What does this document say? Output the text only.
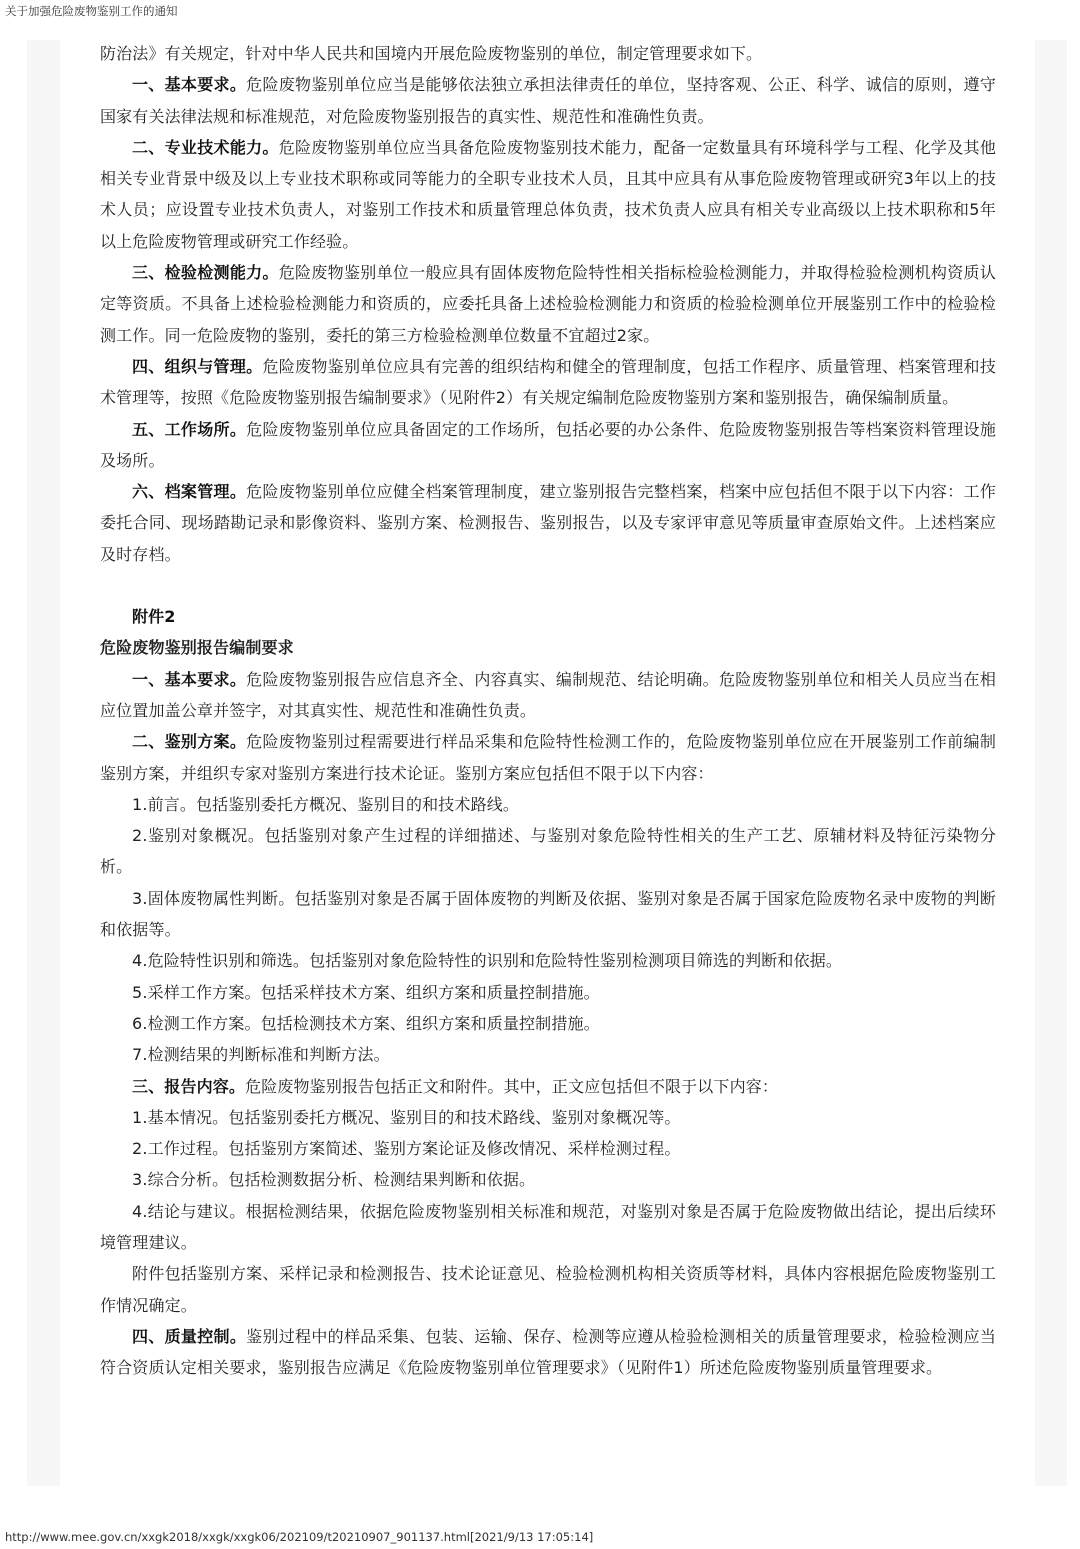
关于加强危险废物鉴别工作的通知

防治法》有关规定，针对中华人民共和国境内开展危险废物鉴别的单位，制定管理要求如下。

一、基本要求。危险废物鉴别单位应当是能够依法独立承担法律责任的单位，坚持客观、公正、科学、诚信的原则，遵守国家有关法律法规和标准规范，对危险废物鉴别报告的真实性、规范性和准确性负责。

二、专业技术能力。危险废物鉴别单位应当具备危险废物鉴别技术能力，配备一定数量具有环境科学与工程、化学及其他相关专业背景中级及以上专业技术职称或同等能力的全职专业技术人员，且其中应具有从事危险废物管理或研究3年以上的技术人员；应设置专业技术负责人，对鉴别工作技术和质量管理总体负责，技术负责人应具有相关专业高级以上技术职称和5年以上危险废物管理或研究工作经验。

三、检验检测能力。危险废物鉴别单位一般应具有固体废物危险特性相关指标检验检测能力，并取得检验检测机构资质认定等资质。不具备上述检验检测能力和资质的，应委托具备上述检验检测能力和资质的检验检测单位开展鉴别工作中的检验检测工作。同一危险废物的鉴别，委托的第三方检验检测单位数量不宜超过2家。

四、组织与管理。危险废物鉴别单位应具有完善的组织结构和健全的管理制度，包括工作程序、质量管理、档案管理和技术管理等，按照《危险废物鉴别报告编制要求》（见附件2）有关规定编制危险废物鉴别方案和鉴别报告，确保编制质量。

五、工作场所。危险废物鉴别单位应具备固定的工作场所，包括必要的办公条件、危险废物鉴别报告等档案资料管理设施及场所。

六、档案管理。危险废物鉴别单位应健全档案管理制度，建立鉴别报告完整档案，档案中应包括但不限于以下内容：工作委托合同、现场踏勘记录和影像资料、鉴别方案、检测报告、鉴别报告，以及专家评审意见等质量审查原始文件。上述档案应及时存档。

附件2

危险废物鉴别报告编制要求

一、基本要求。危险废物鉴别报告应信息齐全、内容真实、编制规范、结论明确。危险废物鉴别单位和相关人员应当在相应位置加盖公章并签字，对其真实性、规范性和准确性负责。

二、鉴别方案。危险废物鉴别过程需要进行样品采集和危险特性检测工作的，危险废物鉴别单位应在开展鉴别工作前编制鉴别方案，并组织专家对鉴别方案进行技术论证。鉴别方案应包括但不限于以下内容：

1.前言。包括鉴别委托方概况、鉴别目的和技术路线。

2.鉴别对象概况。包括鉴别对象产生过程的详细描述、与鉴别对象危险特性相关的生产工艺、原辅材料及特征污染物分析。

3.固体废物属性判断。包括鉴别对象是否属于固体废物的判断及依据、鉴别对象是否属于国家危险废物名录中废物的判断和依据等。

4.危险特性识别和筛选。包括鉴别对象危险特性的识别和危险特性鉴别检测项目筛选的判断和依据。

5.采样工作方案。包括采样技术方案、组织方案和质量控制措施。

6.检测工作方案。包括检测技术方案、组织方案和质量控制措施。

7.检测结果的判断标准和判断方法。

三、报告内容。危险废物鉴别报告包括正文和附件。其中，正文应包括但不限于以下内容：

1.基本情况。包括鉴别委托方概况、鉴别目的和技术路线、鉴别对象概况等。

2.工作过程。包括鉴别方案简述、鉴别方案论证及修改情况、采样检测过程。

3.综合分析。包括检测数据分析、检测结果判断和依据。

4.结论与建议。根据检测结果，依据危险废物鉴别相关标准和规范，对鉴别对象是否属于危险废物做出结论，提出后续环境管理建议。

附件包括鉴别方案、采样记录和检测报告、技术论证意见、检验检测机构相关资质等材料，具体内容根据危险废物鉴别工作情况确定。

四、质量控制。鉴别过程中的样品采集、包装、运输、保存、检测等应遵从检验检测相关的质量管理要求，检验检测应当符合资质认定相关要求，鉴别报告应满足《危险废物鉴别单位管理要求》（见附件1）所述危险废物鉴别质量管理要求。

http://www.mee.gov.cn/xxgk2018/xxgk/xxgk06/202109/t20210907_901137.html[2021/9/13 17:05:14]
